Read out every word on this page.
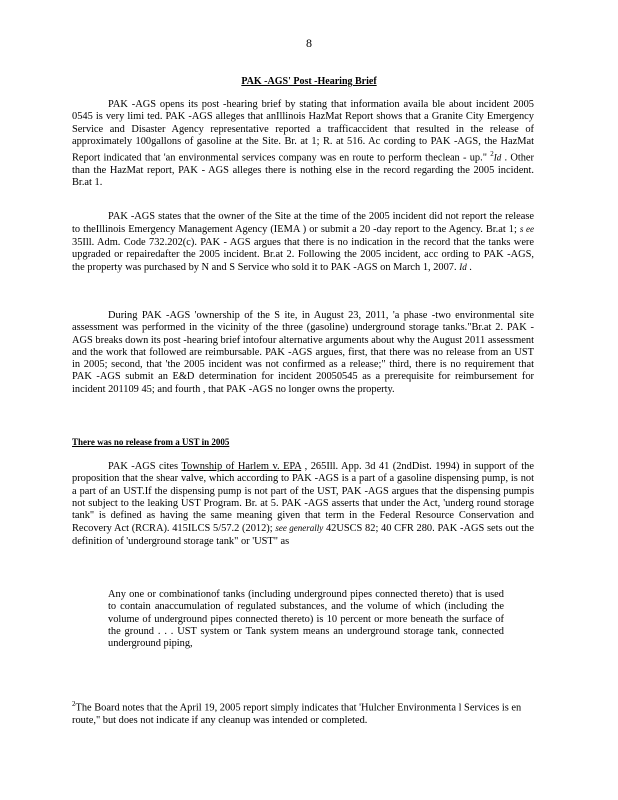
8
PAK -AGS' Post -Hearing Brief

PAK -AGS opens its post -hearing brief by stating that information availa ble about incident 2005 0545 is very limi ted. PAK -AGS alleges that anIllinois HazMat Report shows that a Granite City Emergency Service and Disaster Agency representative reported a trafficaccident that resulted in the release of approximately 100gallons of gasoline at the Site. Br. at 1; R. at 516. Ac cording to PAK -AGS, the HazMat Report indicated that 'an environmental services company was en route to perform theclean - up." $^2$Id . Other than the HazMat report, PAK - AGS alleges there is nothing else in the record regarding the 2005 incident. Br.at 1.

PAK -AGS states that the owner of the Site at the time of the 2005 incident did not report the release to theIllinois Emergency Management Agency (IEMA ) or submit a 20 -day report to the Agency. Br.at 1; s ee 35Ill. Adm. Code 732.202(c). PAK - AGS argues that there is no indication in the record that the tanks were upgraded or repairedafter the 2005 incident. Br.at 2. Following the 2005 incident, acc ording to PAK -AGS, the property was purchased by N and S Service who sold it to PAK -AGS on March 1, 2007. Id .

During PAK -AGS 'ownership of the S ite, in August 23, 2011, 'a phase -two environmental site assessment was performed in the vicinity of the three (gasoline) underground storage tanks."Br.at 2. PAK - AGS breaks down its post -hearing brief intofour alternative arguments about why the August 2011 assessment and the work that followed are reimbursable. PAK -AGS argues, first, that there was no release from an UST in 2005; second, that 'the 2005 incident was not confirmed as a release;" third, there is no requirement that PAK -AGS submit an E&D determination for incident 20050545 as a prerequisite for reimbursement for incident 201109 45; and fourth , that PAK -AGS no longer owns the property.

There was no release from a UST in 2005

PAK -AGS cites Township of Harlem v. EPA , 265Ill. App. 3d 41 (2ndDist. 1994) in support of the proposition that the shear valve, which according to PAK -AGS is a part of a gasoline dispensing pump, is not a part of an UST.If the dispensing pump is not part of the UST, PAK -AGS argues that the dispensing pumpis not subject to the leaking UST Program. Br. at 5. PAK -AGS asserts that under the Act, 'underg round storage tank" is defined as having the same meaning given that term in the Federal Resource Conservation and Recovery Act (RCRA). 415ILCS 5/57.2 (2012); see generally 42USCS 82; 40 CFR 280. PAK -AGS sets out the definition of 'underground storage tank" or 'UST" as

Any one or combinationof tanks (including underground pipes connected thereto) that is used to contain anaccumulation of regulated substances, and the volume of which (including the volume of underground pipes connected thereto) is 10 percent or more beneath the surface of the ground . . . UST system or Tank system means an underground storage tank, connected underground piping,

$^2$The Board notes that the April 19, 2005 report simply indicates that 'Hulcher Environmenta l Services is en route," but does not indicate if any cleanup was intended or completed.
